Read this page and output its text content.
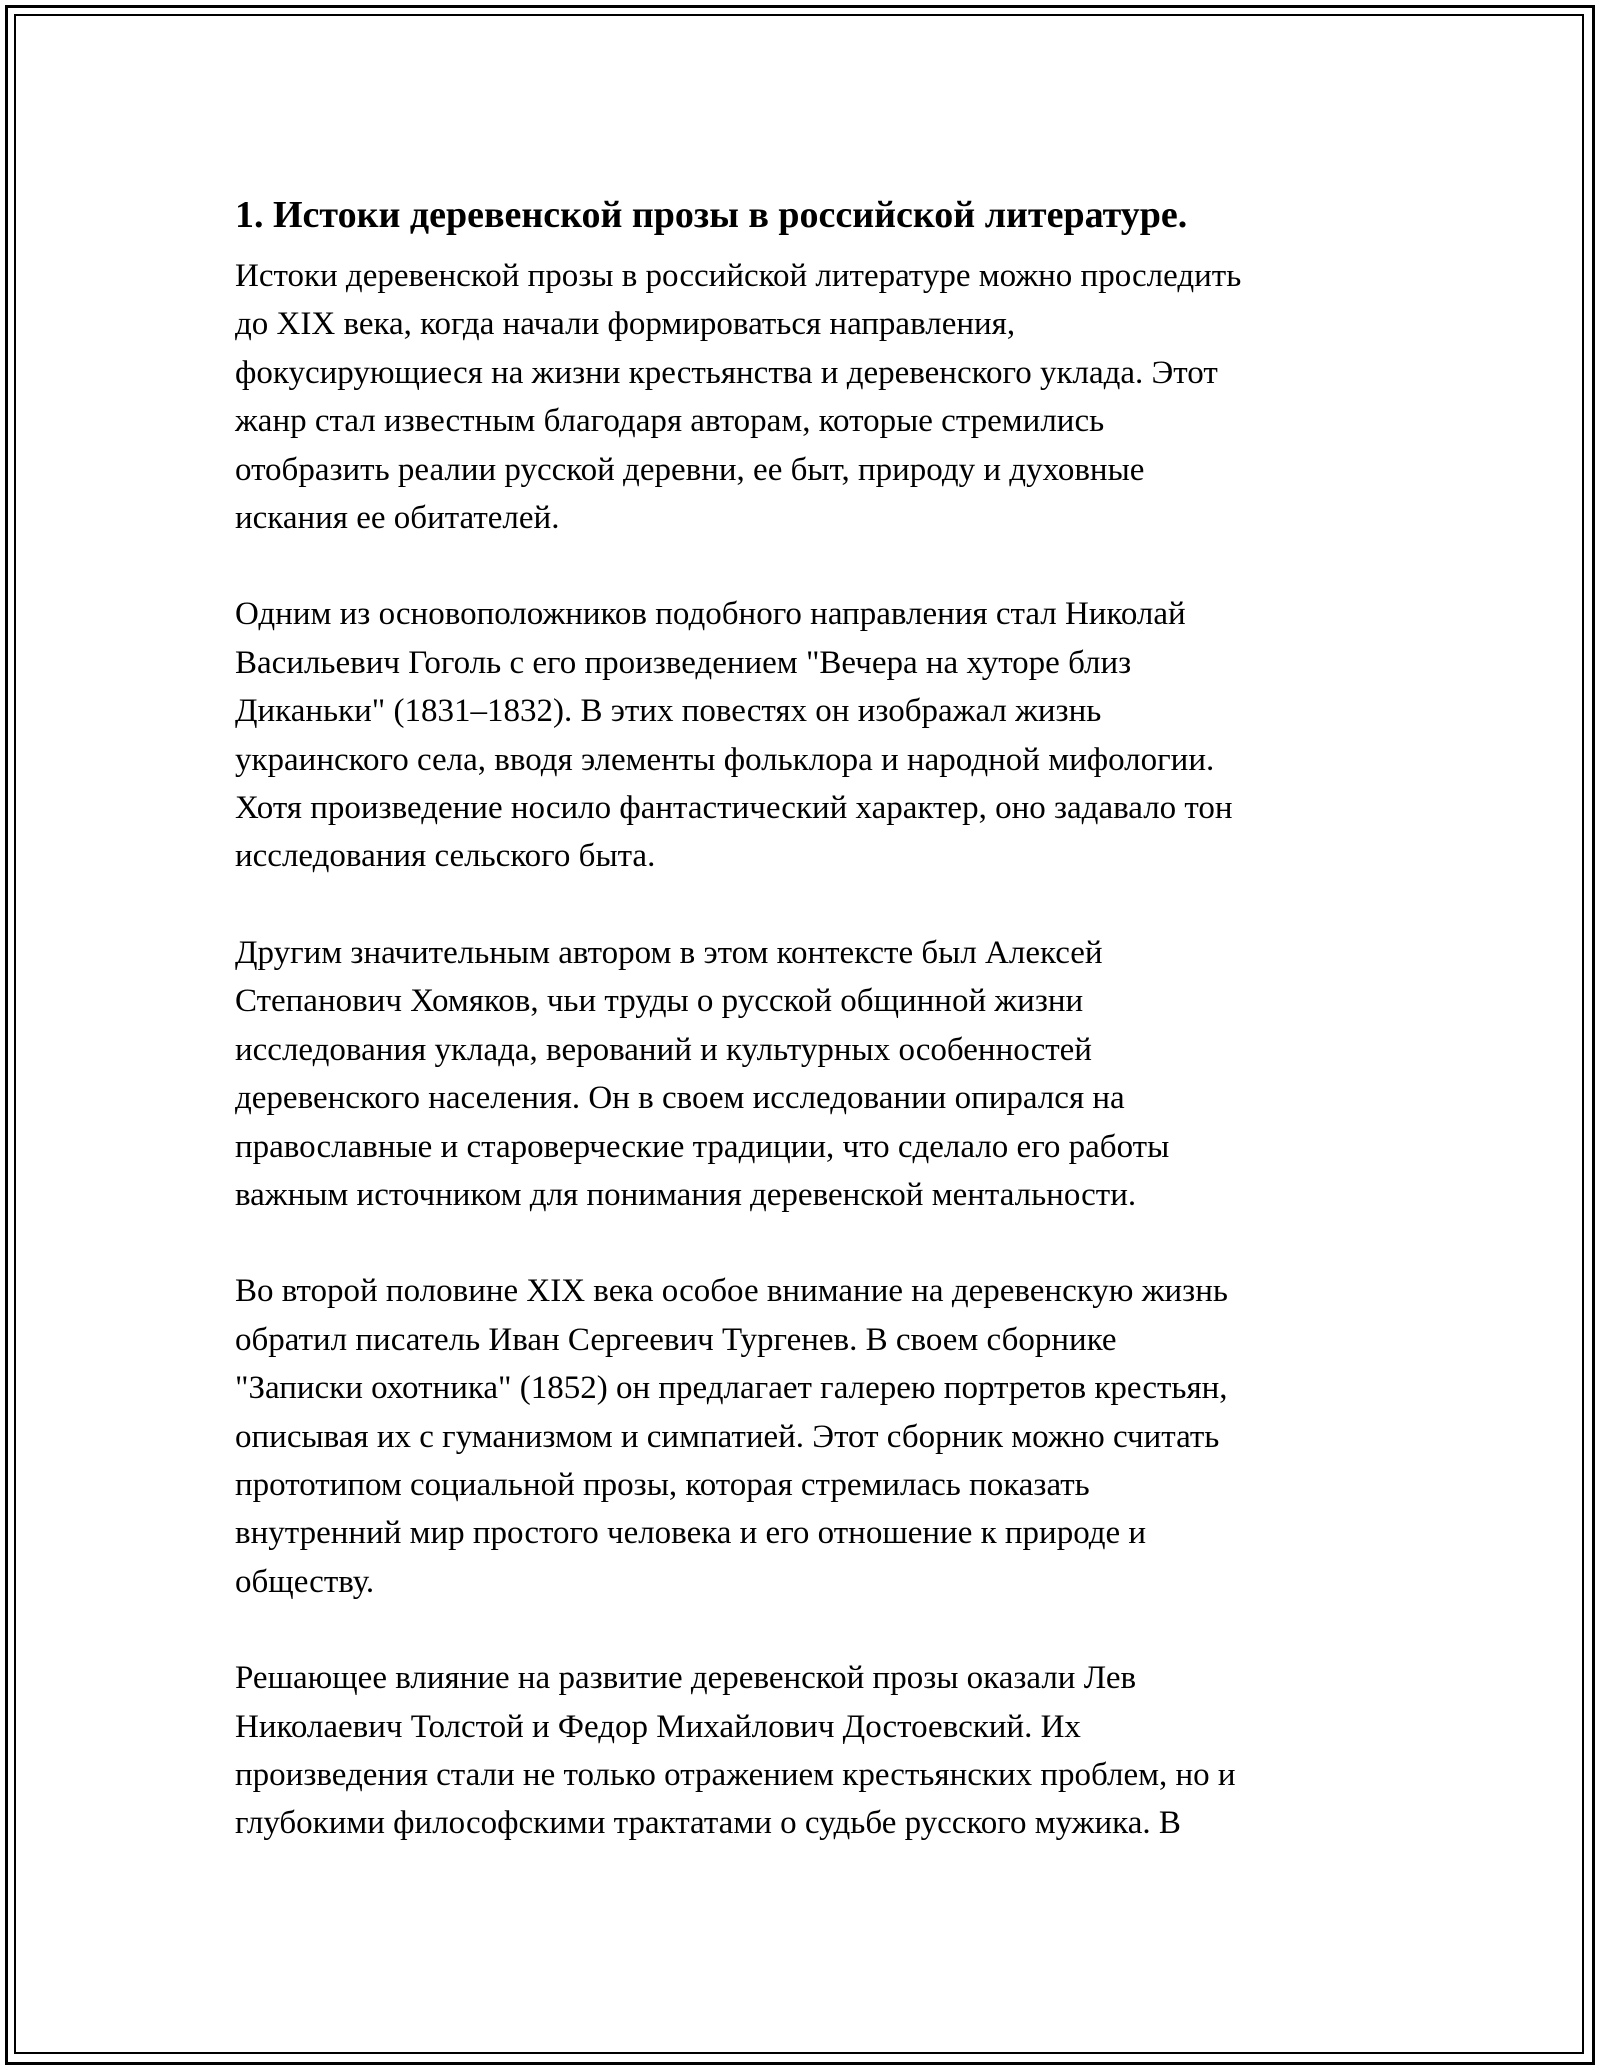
1. Истоки деревенской прозы в российской литературе.
Истоки деревенской прозы в российской литературе можно проследить
до XIX века, когда начали формироваться направления,
фокусирующиеся на жизни крестьянства и деревенского уклада. Этот
жанр стал известным благодаря авторам, которые стремились
отобразить реалии русской деревни, ее быт, природу и духовные
искания ее обитателей.
Одним из основоположников подобного направления стал Николай
Васильевич Гоголь с его произведением "Вечера на хуторе близ
Диканьки" (1831–1832). В этих повестях он изображал жизнь
украинского села, вводя элементы фольклора и народной мифологии.
Хотя произведение носило фантастический характер, оно задавало тон
исследования сельского быта.
Другим значительным автором в этом контексте был Алексей
Степанович Хомяков, чьи труды о русской общинной жизни
исследования уклада, верований и культурных особенностей
деревенского населения. Он в своем исследовании опирался на
православные и староверческие традиции, что сделало его работы
важным источником для понимания деревенской ментальности.
Во второй половине XIX века особое внимание на деревенскую жизнь
обратил писатель Иван Сергеевич Тургенев. В своем сборнике
"Записки охотника" (1852) он предлагает галерею портретов крестьян,
описывая их с гуманизмом и симпатией. Этот сборник можно считать
прототипом социальной прозы, которая стремилась показать
внутренний мир простого человека и его отношение к природе и
обществу.
Решающее влияние на развитие деревенской прозы оказали Лев
Николаевич Толстой и Федор Михайлович Достоевский. Их
произведения стали не только отражением крестьянских проблем, но и
глубокими философскими трактатами о судьбе русского мужика. В
